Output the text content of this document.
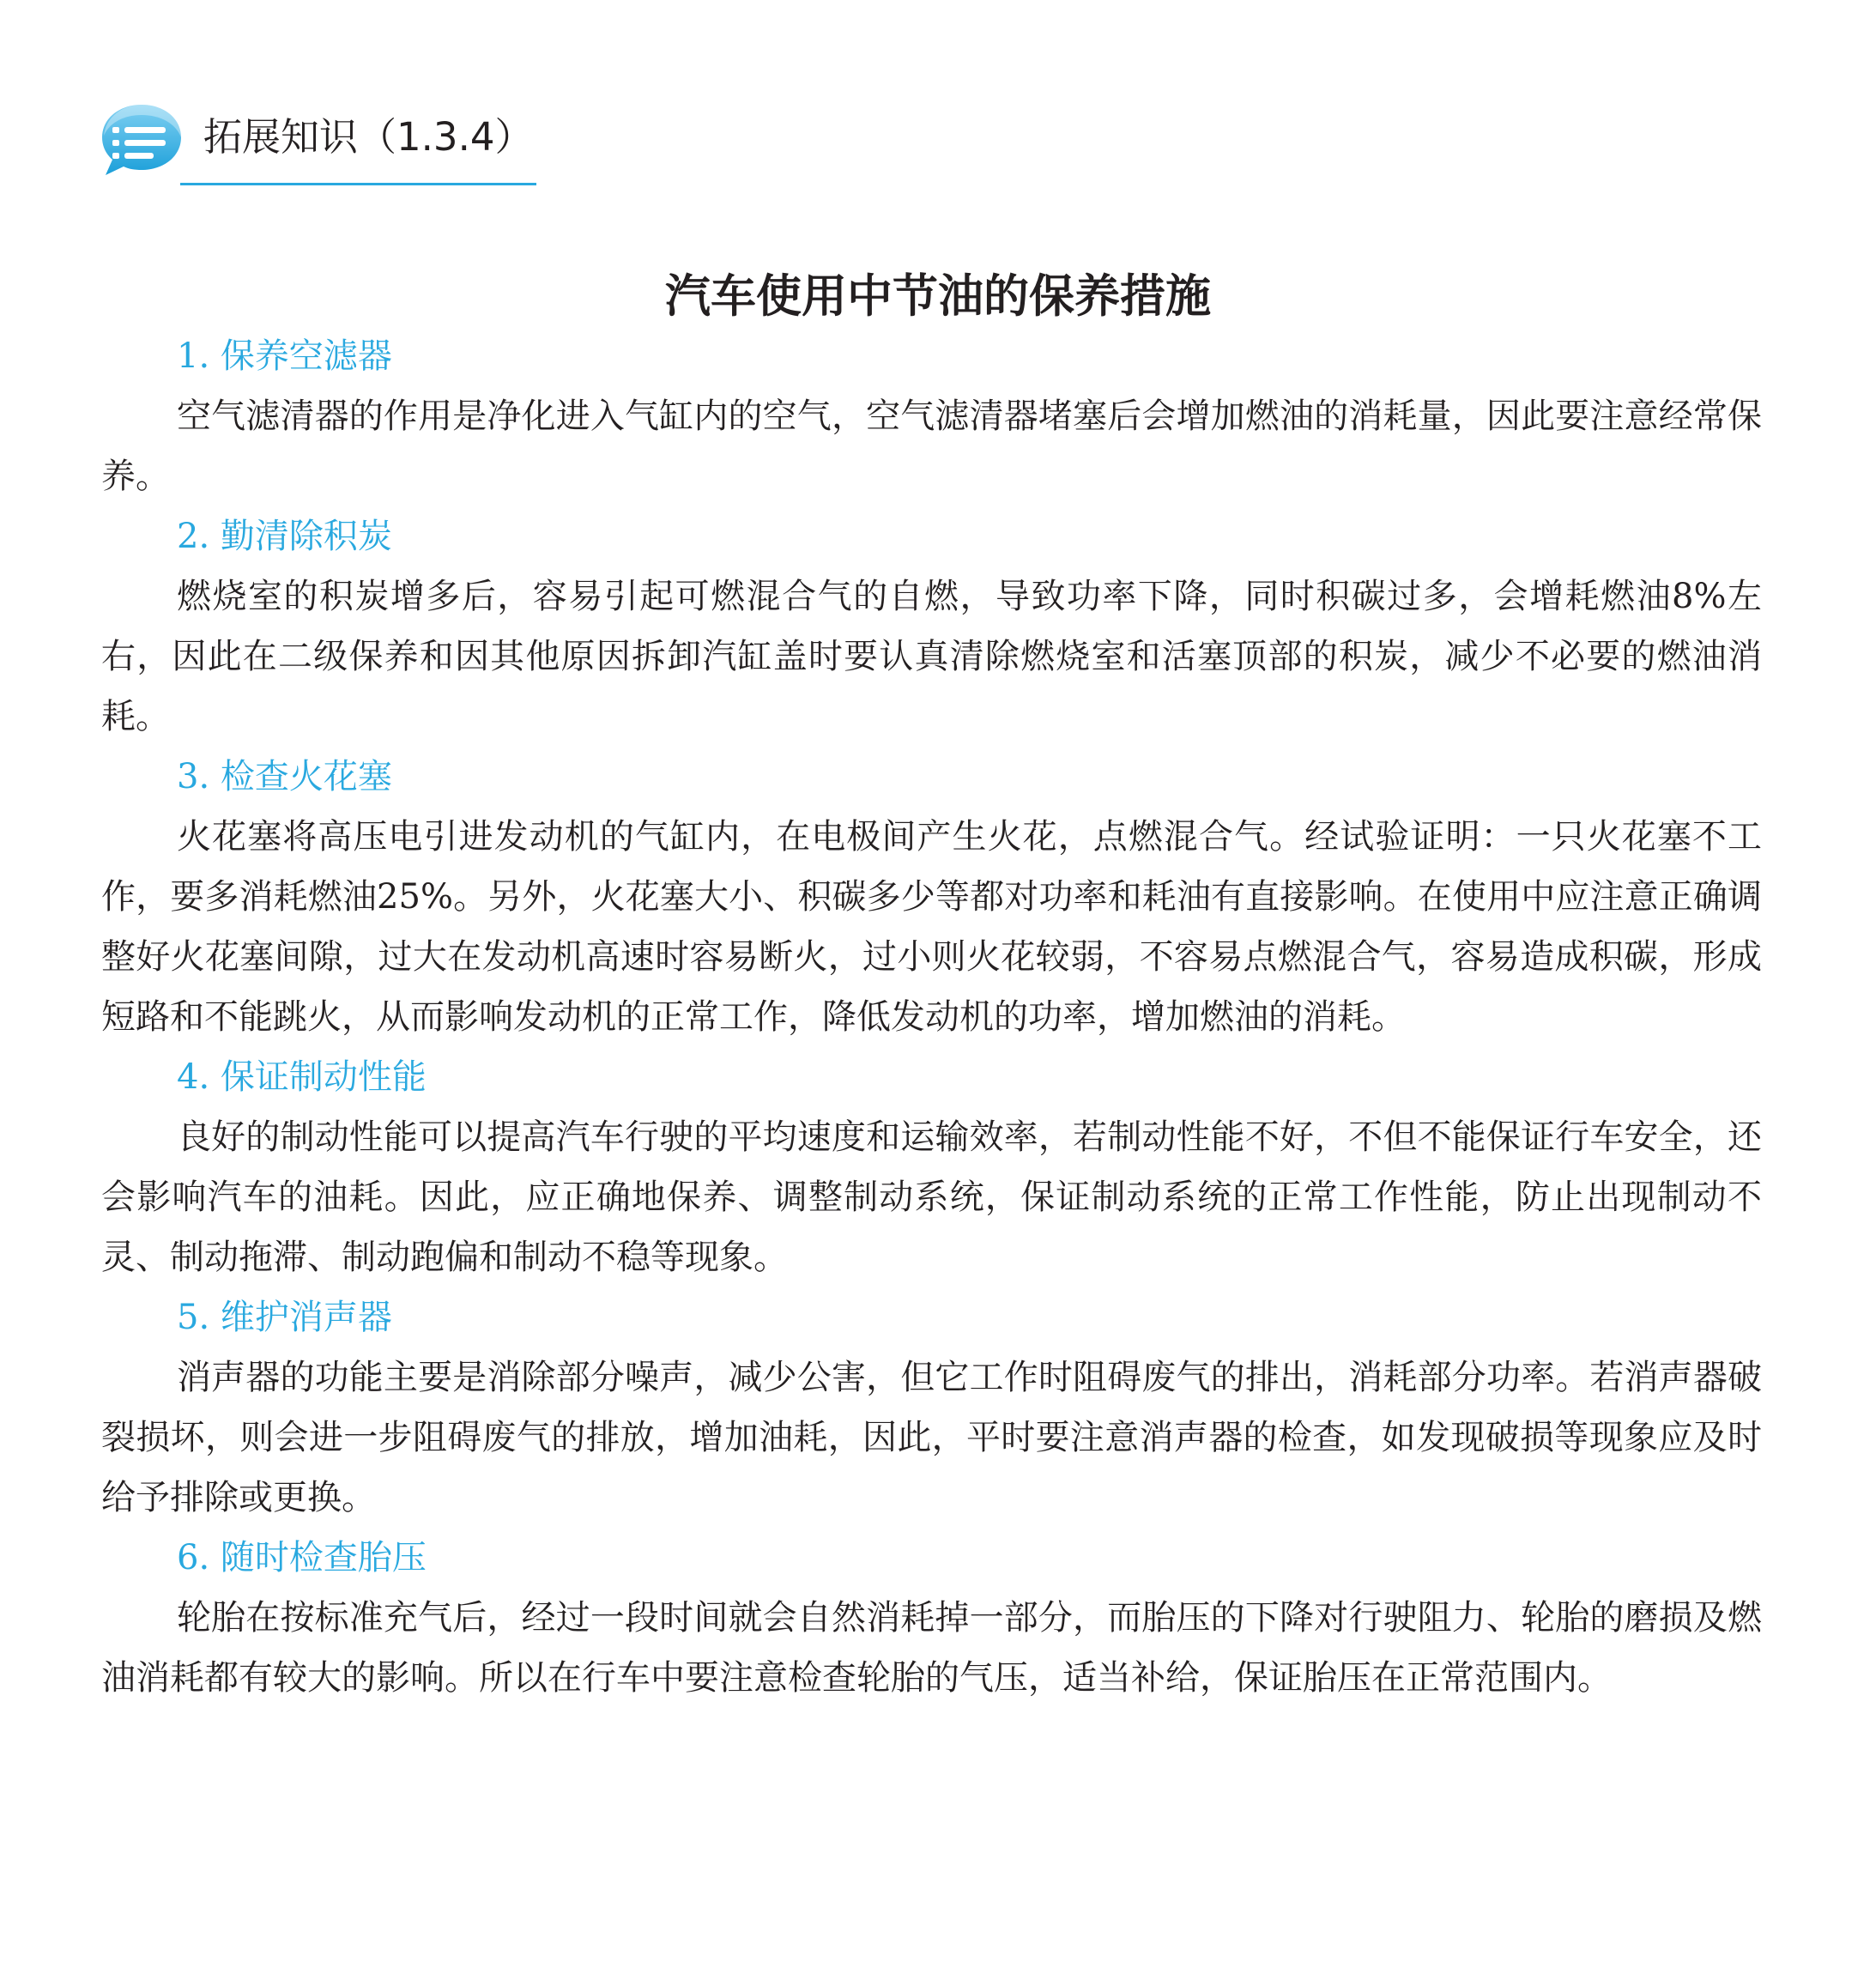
拓展知识（1.3.4）
汽车使用中节油的保养措施
1. 保养空滤器

空气滤清器的作用是净化进入气缸内的空气，空气滤清器堵塞后会增加燃油的消耗量，因此要注意经常保养。

2. 勤清除积炭

燃烧室的积炭增多后，容易引起可燃混合气的自燃，导致功率下降，同时积碳过多，会增耗燃油8%左右，因此在二级保养和因其他原因拆卸汽缸盖时要认真清除燃烧室和活塞顶部的积炭，减少不必要的燃油消耗。

3. 检查火花塞

火花塞将高压电引进发动机的气缸内，在电极间产生火花，点燃混合气。经试验证明：一只火花塞不工作，要多消耗燃油25%。另外，火花塞大小、积碳多少等都对功率和耗油有直接影响。在使用中应注意正确调整好火花塞间隙，过大在发动机高速时容易断火，过小则火花较弱，不容易点燃混合气，容易造成积碳，形成短路和不能跳火，从而影响发动机的正常工作，降低发动机的功率，增加燃油的消耗。

4. 保证制动性能

良好的制动性能可以提高汽车行驶的平均速度和运输效率，若制动性能不好，不但不能保证行车安全，还会影响汽车的油耗。因此，应正确地保养、调整制动系统，保证制动系统的正常工作性能，防止出现制动不灵、制动拖滞、制动跑偏和制动不稳等现象。

5. 维护消声器

消声器的功能主要是消除部分噪声，减少公害，但它工作时阻碍废气的排出，消耗部分功率。若消声器破裂损坏，则会进一步阻碍废气的排放，增加油耗，因此，平时要注意消声器的检查，如发现破损等现象应及时给予排除或更换。

6. 随时检查胎压

轮胎在按标准充气后，经过一段时间就会自然消耗掉一部分，而胎压的下降对行驶阻力、轮胎的磨损及燃油消耗都有较大的影响。所以在行车中要注意检查轮胎的气压，适当补给，保证胎压在正常范围内。
